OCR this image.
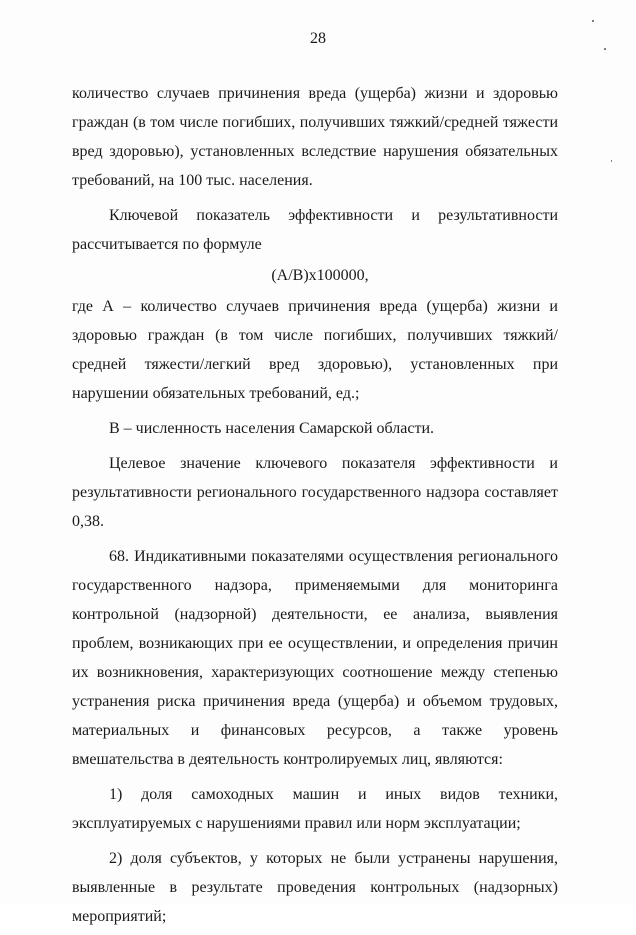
28

количество случаев причинения вреда (ущерба) жизни и здоровью граждан (в том числе погибших, получивших тяжкий/средней тяжести вред здоровью), установленных вследствие нарушения обязательных требований, на 100 тыс. населения.

Ключевой показатель эффективности и результативности рассчитывается по формуле

(А/В)х100000,

где А – количество случаев причинения вреда (ущерба) жизни и здоровью граждан (в том числе погибших, получивших тяжкий/средней тяжести/легкий вред здоровью), установленных при нарушении обязательных требований, ед.;

В – численность населения Самарской области.

Целевое значение ключевого показателя эффективности и результативности регионального государственного надзора составляет 0,38.

68. Индикативными показателями осуществления регионального государственного надзора, применяемыми для мониторинга контрольной (надзорной) деятельности, ее анализа, выявления проблем, возникающих при ее осуществлении, и определения причин их возникновения, характеризующих соотношение между степенью устранения риска причинения вреда (ущерба) и объемом трудовых, материальных и финансовых ресурсов, а также уровень вмешательства в деятельность контролируемых лиц, являются:

1) доля самоходных машин и иных видов техники, эксплуатируемых с нарушениями правил или норм эксплуатации;

2) доля субъектов, у которых не были устранены нарушения, выявленные в результате проведения контрольных (надзорных) мероприятий;
